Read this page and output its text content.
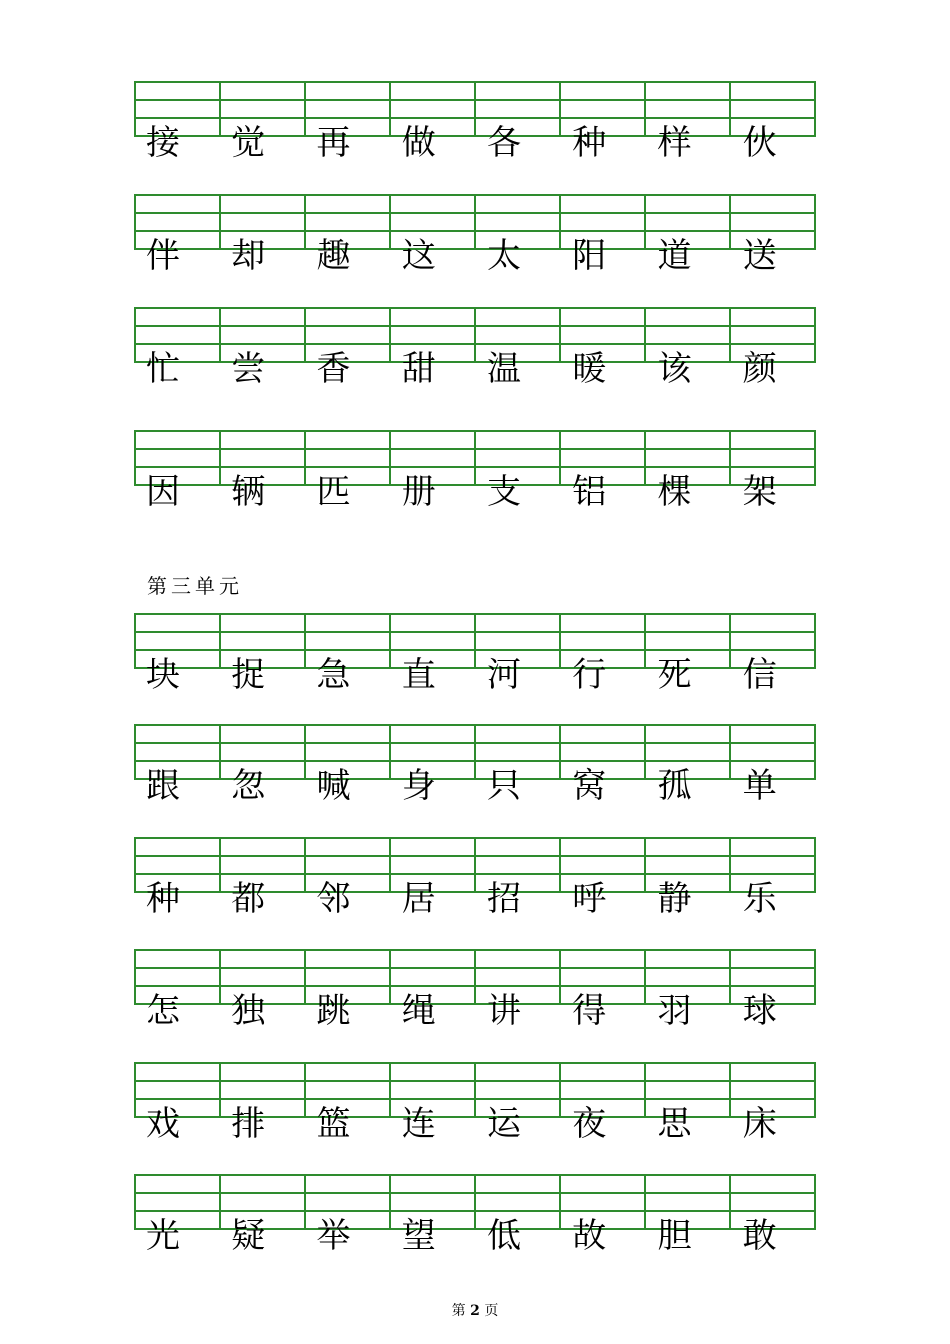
接	觉	再	做	各	种	样	伙
伴	却	趣	这	太	阳	道	送
忙	尝	香	甜	温	暖	该	颜
因	辆	匹	册	支	铝	棵	架
块	捉	急	直	河	行	死	信
跟	忽	喊	身	只	窝	孤	单
种	都	邻	居	招	呼	静	乐
怎	独	跳	绳	讲	得	羽	球
戏	排	篮	连	运	夜	思	床
光	疑	举	望	低	故	胆	敢
第三单元
第 2 页
